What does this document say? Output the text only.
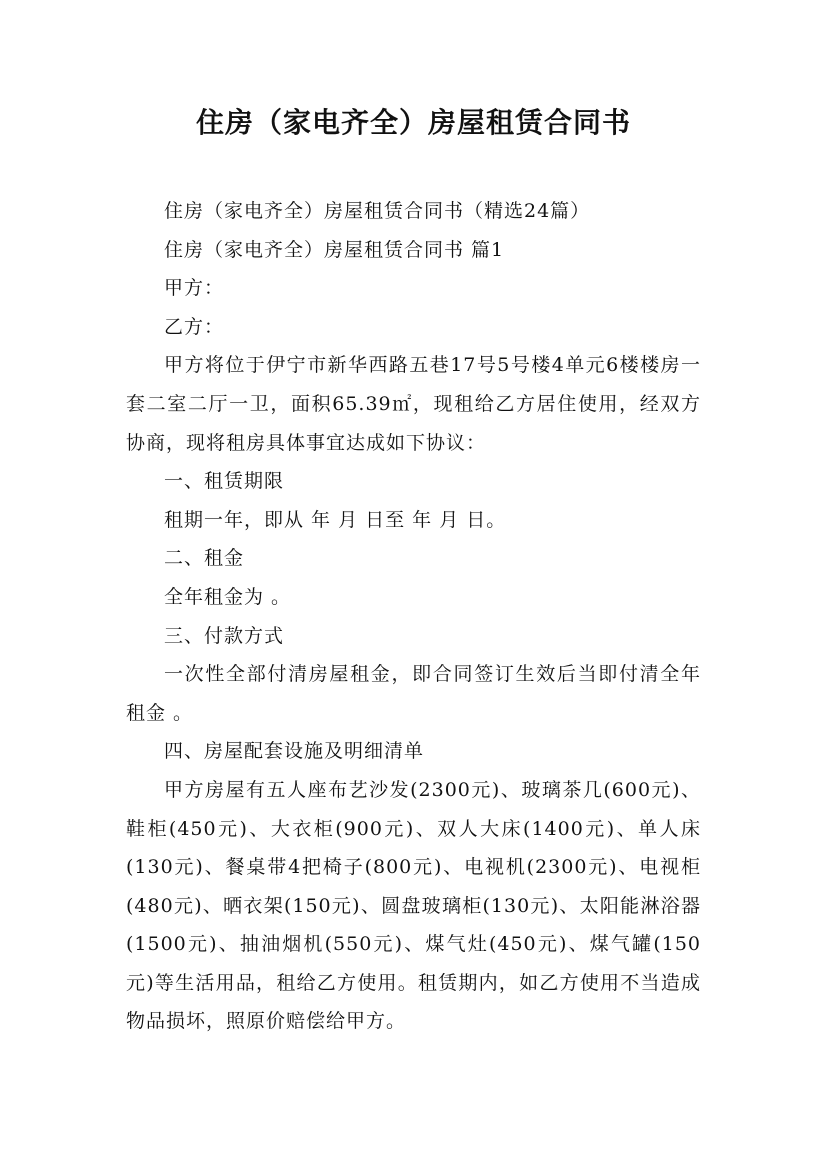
住房（家电齐全）房屋租赁合同书

住房（家电齐全）房屋租赁合同书（精选24篇）

住房（家电齐全）房屋租赁合同书 篇1

甲方：

乙方：

甲方将位于伊宁市新华西路五巷17号5号楼4单元6楼楼房一套二室二厅一卫，面积65.39㎡，现租给乙方居住使用，经双方协商，现将租房具体事宜达成如下协议：

一、租赁期限

租期一年，即从 年 月 日至 年 月 日。

二、租金

全年租金为 。

三、付款方式

一次性全部付清房屋租金，即合同签订生效后当即付清全年租金 。

四、房屋配套设施及明细清单

甲方房屋有五人座布艺沙发(2300元)、玻璃茶几(600元)、鞋柜(450元)、大衣柜(900元)、双人大床(1400元)、单人床(130元)、餐桌带4把椅子(800元)、电视机(2300元)、电视柜(480元)、晒衣架(150元)、圆盘玻璃柜(130元)、太阳能淋浴器(1500元)、抽油烟机(550元)、煤气灶(450元)、煤气罐(150元)等生活用品，租给乙方使用。租赁期内，如乙方使用不当造成物品损坏，照原价赔偿给甲方。
